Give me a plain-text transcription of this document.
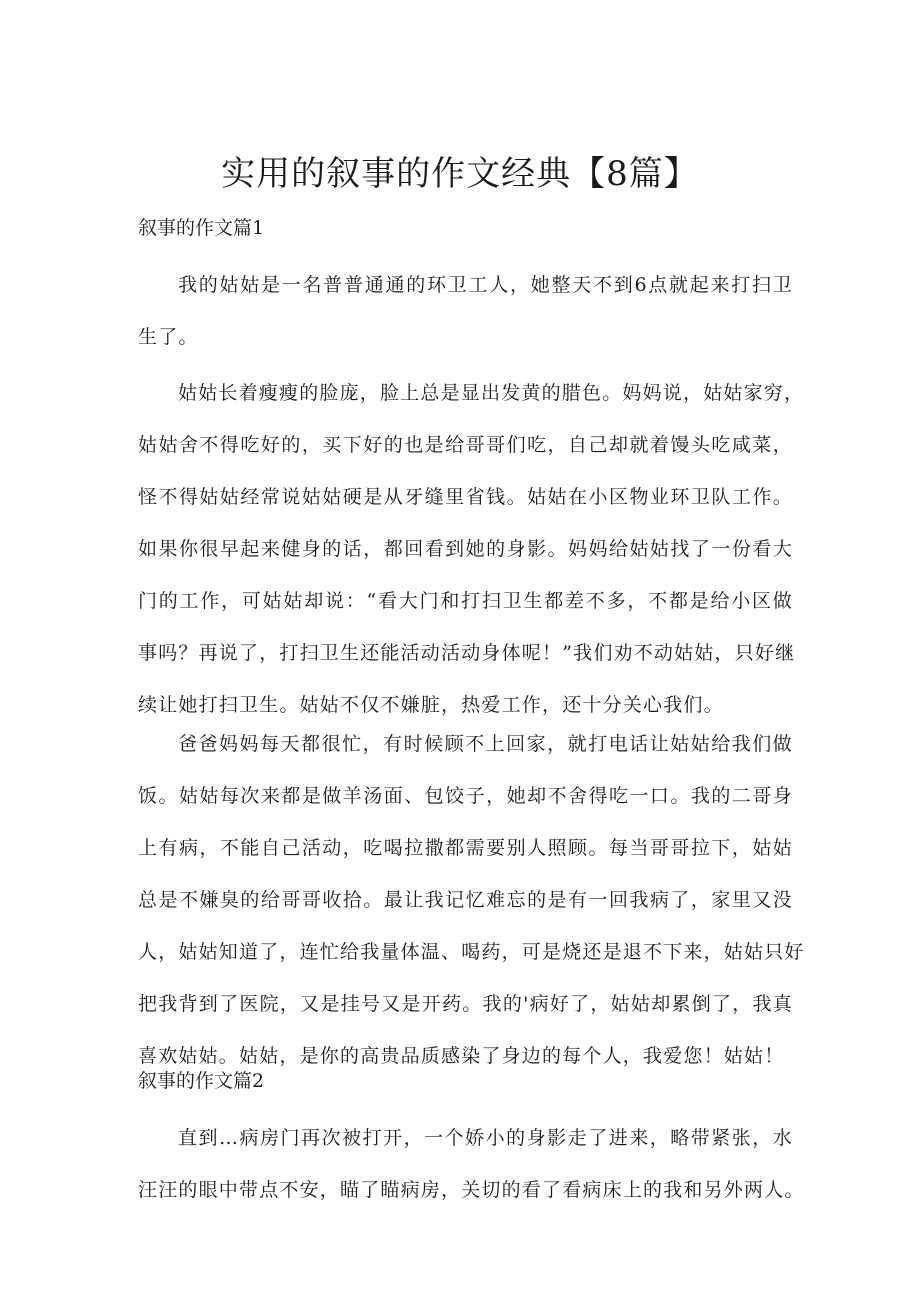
实用的叙事的作文经典【8篇】
叙事的作文篇1

我的姑姑是一名普普通通的环卫工人，她整天不到6点就起来打扫卫
生了。

姑姑长着瘦瘦的脸庞，脸上总是显出发黄的腊色。妈妈说，姑姑家穷，
姑姑舍不得吃好的，买下好的也是给哥哥们吃，自己却就着馒头吃咸菜，
怪不得姑姑经常说姑姑硬是从牙缝里省钱。姑姑在小区物业环卫队工作。
如果你很早起来健身的话，都回看到她的身影。妈妈给姑姑找了一份看大
门的工作，可姑姑却说：“看大门和打扫卫生都差不多，不都是给小区做
事吗？再说了，打扫卫生还能活动活动身体呢！”我们劝不动姑姑，只好继
续让她打扫卫生。姑姑不仅不嫌脏，热爱工作，还十分关心我们。

爸爸妈妈每天都很忙，有时候顾不上回家，就打电话让姑姑给我们做
饭。姑姑每次来都是做羊汤面、包饺子，她却不舍得吃一口。我的二哥身
上有病，不能自己活动，吃喝拉撒都需要别人照顾。每当哥哥拉下，姑姑
总是不嫌臭的给哥哥收拾。最让我记忆难忘的是有一回我病了，家里又没
人，姑姑知道了，连忙给我量体温、喝药，可是烧还是退不下来，姑姑只好
把我背到了医院，又是挂号又是开药。我的'病好了，姑姑却累倒了，我真
喜欢姑姑。姑姑，是你的高贵品质感染了身边的每个人，我爱您！姑姑！

叙事的作文篇2

直到…病房门再次被打开，一个娇小的身影走了进来，略带紧张，水
汪汪的眼中带点不安，瞄了瞄病房，关切的看了看病床上的我和另外两人。
